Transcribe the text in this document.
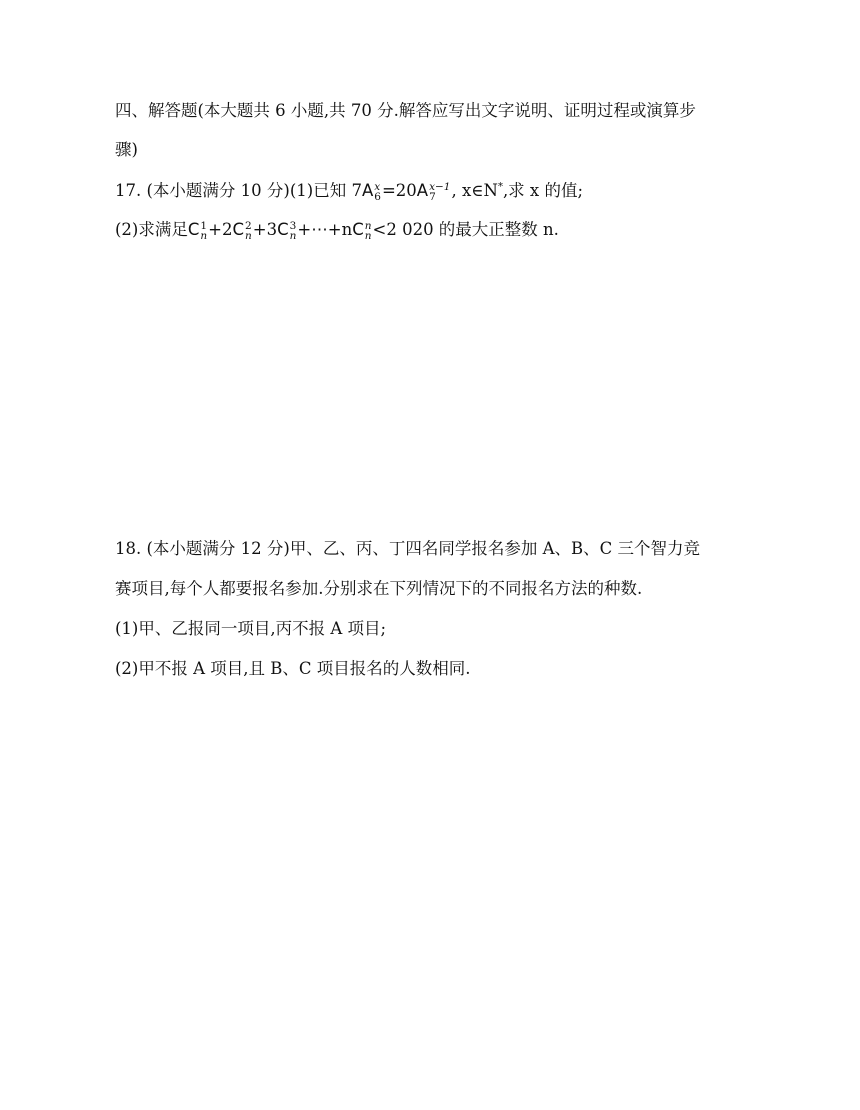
四、解答题(本大题共 6 小题,共 70 分.解答应写出文字说明、证明过程或演算步
骤)
17. (本小题满分 10 分)(1)已知 7A x
6 =20A x−1
7 , x∈N*,求 x 的值;
(2)求满足C 1
n +2C 2
n +3C 3
n +⋯+nC n
n <2 020 的最大正整数 n.
18. (本小题满分 12 分)甲、乙、丙、丁四名同学报名参加 A、B、C 三个智力竞
赛项目,每个人都要报名参加.分别求在下列情况下的不同报名方法的种数.
(1)甲、乙报同一项目,丙不报 A 项目;
(2)甲不报 A 项目,且 B、C 项目报名的人数相同.
